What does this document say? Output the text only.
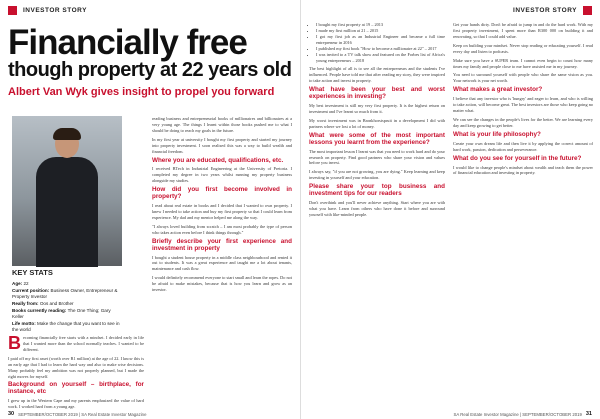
INVESTOR STORY
Financially free
though property at 22 years old
Albert Van Wyk gives insight to propel you forward
KEY STATS
Age: 22
Current position: Business Owner, Entrepreneur & Property Investor
Really from: Oos and Brother
Books currently reading: The One Thing; Gary Keller
Life motto: Make the change that you want to see in the world

Becoming financially free starts with a mindset. I decided early in life that I wanted more than the school normally teaches. I wanted to be different.

I paid off my first asset (worth over R1 million) at the age of 22. I know this is an early age that I had to learn the hard way and also to make wise decisions. Many probably feel my ambition was not properly planned, but I made the right moves for myself.

Background on yourself – birthplace, for instance, etc

I grew up in the Western Cape and my parents emphasized the value of hard work. I worked hard from a young age.

reading business and entrepreneurial books of millionaires and billionaires at a very young age. The things I learnt within those books pushed me to what I should be doing to reach my goals in the future.

In my first year at university I bought my first property and started my journey into property investment. I soon realised this was a way to build wealth and financial freedom.

Where you are educated, qualifications, etc.

I received BTech in Industrial Engineering at the University of Pretoria. I completed my degree in two years whilst running my property business alongside my studies.

How did you first become involved in property?

I read about real estate in books and I decided that I wanted to own property. I knew I needed to take action and buy my first property so that I could learn from experience. My dad and my mentor helped me along the way.

"I always loved building from scratch – I am most probably the type of person who takes action even before I think things through."

Briefly describe your first experience and investment in property

I bought a student house property in a middle class neighbourhood and rented it out to students. It was a great experience and taught me a lot about tenants, maintenance and cash flow.

I would definitely recommend everyone to start small and learn the ropes. Do not be afraid to make mistakes, because that is how you learn and grow as an investor.

30 SEPTEMBER/OCTOBER 2019 | SA Real Estate Investor Magazine
INVESTOR STORY
• I bought my first property at 19 – 2013
• I made my first million at 21 – 2015
• I got my first job as an Industrial Engineer and became a full time entrepreneur in 2016
• I published my first book "How to become a millionaire at 22" – 2017
• I was invited to a TV talk show and featured on the Forbes list of Africa's young entrepreneurs – 2018

The best highlight of all is to see all the entrepreneurs and the students I've influenced. People have told me that after reading my story, they were inspired to take action and invest in property.

What have been your best and worst experiences in investing?

My best investment is still my very first property. It is the highest return on investment and I've learnt so much from it.

My worst investment was in Bronkhorstspruit in a development I did with partners where we lost a lot of money.

What were some of the most important lessons you learnt from the experience?

The most important lesson I learnt was that you need to work hard and do your research on property. Find good partners who share your vision and values before you invest.

I always say, "if you are not growing, you are dying." Keep learning and keep investing in yourself and your education.

Please share your top business and investment tips for our readers

Don't overthink and you'll never achieve anything. Start where you are with what you have. Learn from others who have done it before and surround yourself with like-minded people.

Get your hands dirty. Don't be afraid to jump in and do the hard work. With my first property investment, I spent more than R300 000 on building it and renovating, so that I could add value.

Keep on building your mindset. Never stop reading or educating yourself. I read every day and listen to podcasts.

Make sure you have a SUPER team. I cannot even begin to count how many times my family and people close to me have assisted me in my journey.

You need to surround yourself with people who share the same vision as you. Your network is your net worth.

What makes a great investor?

I believe that any investor who is 'hungry' and eager to learn, and who is willing to take action, will become great. The best investors are those who keep going no matter what.

We can see the changes in the people's lives for the better. We are learning every day and keep growing to get better.

What is your life philosophy?

Create your own dream life and then live it by applying the correct amount of hard work, passion, dedication and perseverance.

What do you see for yourself in the future?

I would like to change people's mindset about wealth and teach them the power of financial education and investing in property.

SA Real Estate Investor Magazine | SEPTEMBER/OCTOBER 2019 31
